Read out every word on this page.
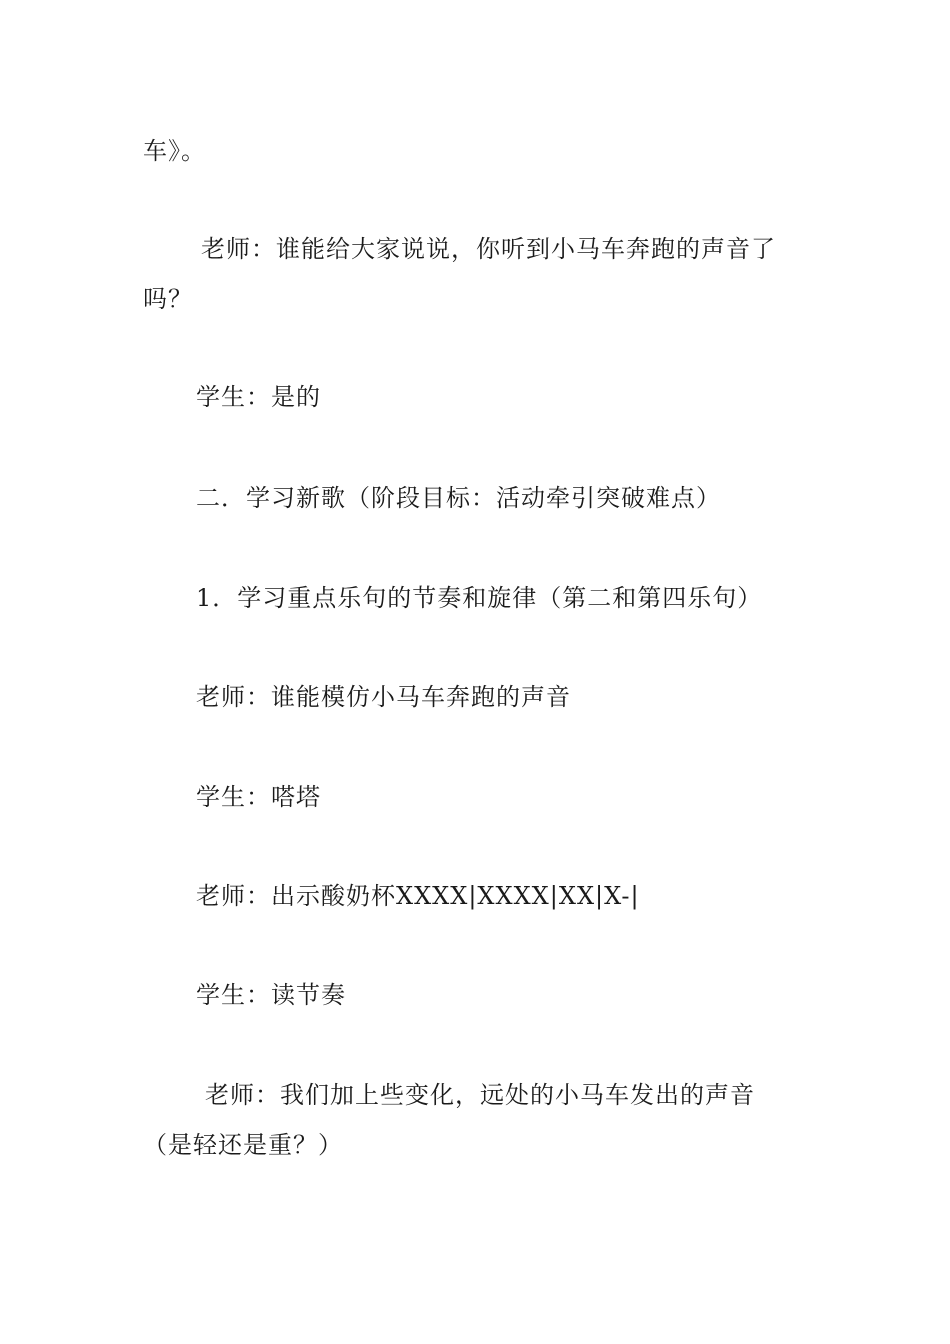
车》。

老师：谁能给大家说说，你听到小马车奔跑的声音了

吗？

学生：是的

二．学习新歌（阶段目标：活动牵引突破难点）

1．学习重点乐句的节奏和旋律（第二和第四乐句）

老师：谁能模仿小马车奔跑的声音

学生：嗒塔

老师：出示酸奶杯XXXX|XXXX|XX|X-|

学生：读节奏

老师：我们加上些变化，远处的小马车发出的声音

（是轻还是重？）
